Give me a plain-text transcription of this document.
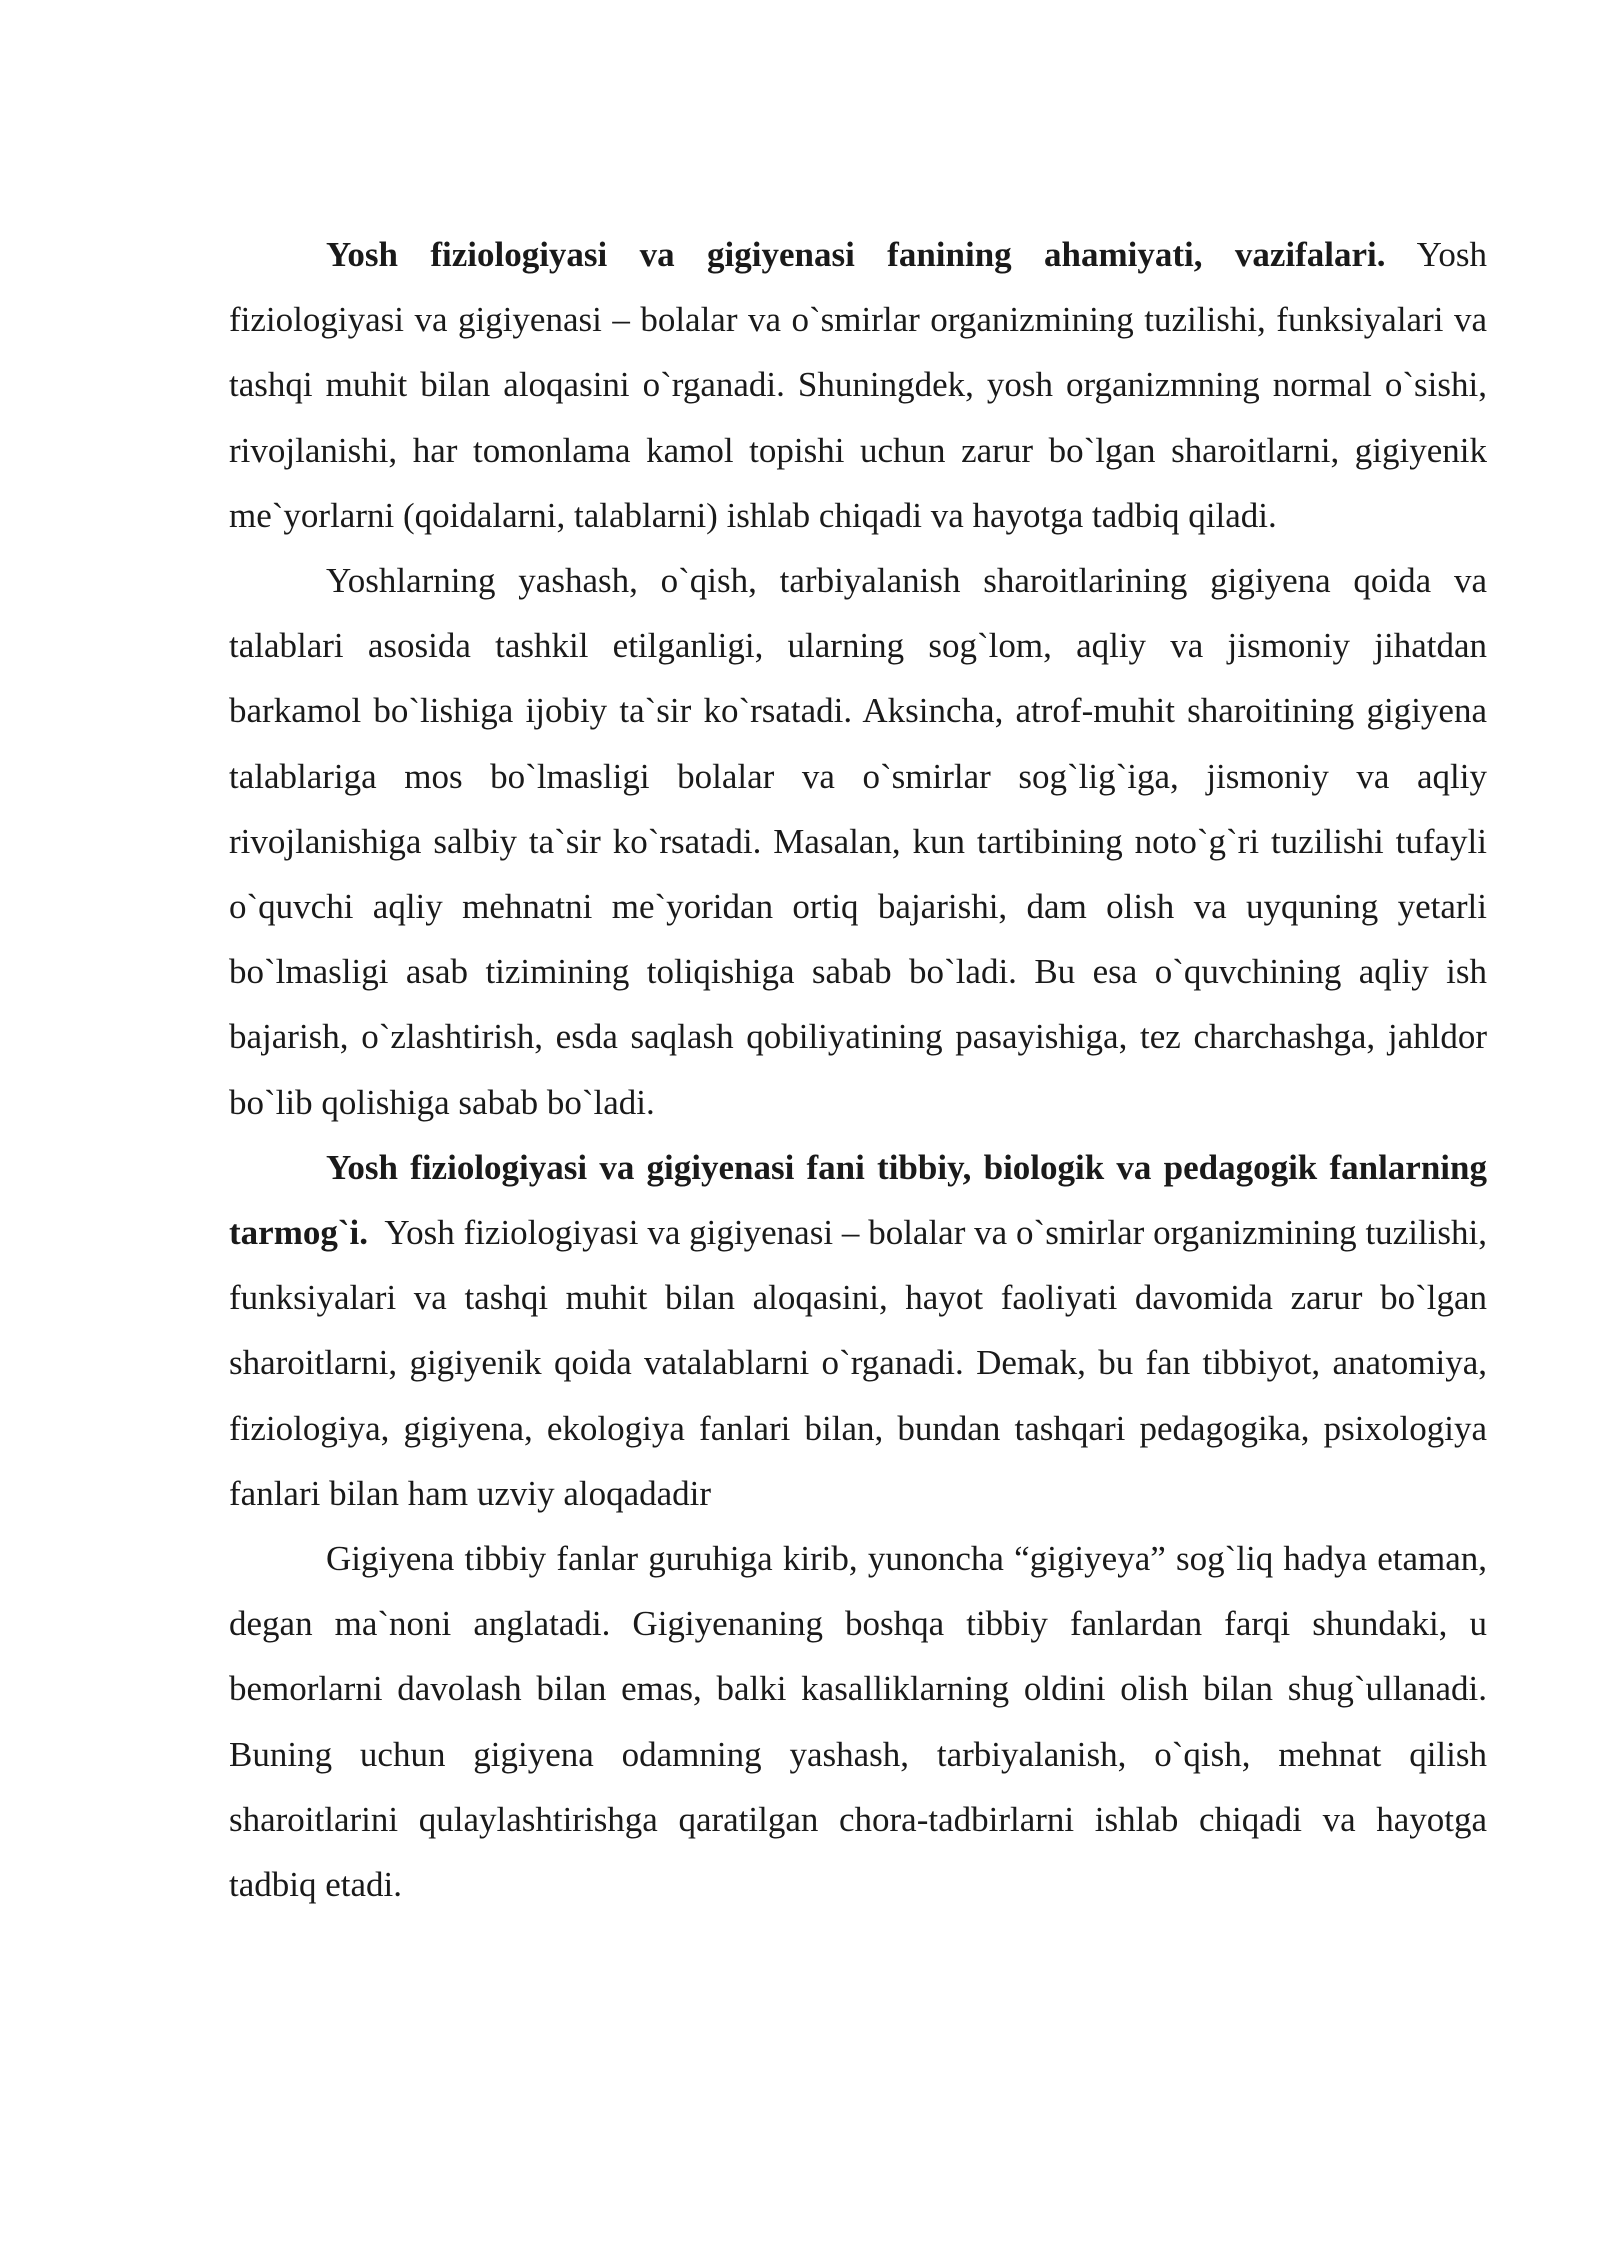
Yosh fiziologiyasi va gigiyenasi fanining ahamiyati, vazifalari. Yosh fiziologiyasi va gigiyenasi – bolalar va o`smirlar organizmining tuzilishi, funksiyalari va tashqi muhit bilan aloqasini o`rganadi. Shuningdek, yosh organizmning normal o`sishi, rivojlanishi, har tomonlama kamol topishi uchun zarur bo`lgan sharoitlarni, gigiyenik me`yorlarni (qoidalarni, talablarni) ishlab chiqadi va hayotga tadbiq qiladi.

Yoshlarning yashash, o`qish, tarbiyalanish sharoitlarining gigiyena qoida va talablari asosida tashkil etilganligi, ularning sog`lom, aqliy va jismoniy jihatdan barkamol bo`lishiga ijobiy ta`sir ko`rsatadi. Aksincha, atrof-muhit sharoitining gigiyena talablariga mos bo`lmasligi bolalar va o`smirlar sog`lig`iga, jismoniy va aqliy rivojlanishiga salbiy ta`sir ko`rsatadi. Masalan, kun tartibining noto`g`ri tuzilishi tufayli o`quvchi aqliy mehnatni me`yoridan ortiq bajarishi, dam olish va uyquning yetarli bo`lmasligi asab tizimining toliqishiga sabab bo`ladi. Bu esa o`quvchining aqliy ish bajarish, o`zlashtirish, esda saqlash qobiliyatining pasayishiga, tez charchashga, jahldor bo`lib qolishiga sabab bo`ladi.

Yosh fiziologiyasi va gigiyenasi fani tibbiy, biologik va pedagogik fanlarning tarmog`i.  Yosh fiziologiyasi va gigiyenasi – bolalar va o`smirlar organizmining tuzilishi, funksiyalari va tashqi muhit bilan aloqasini, hayot faoliyati davomida zarur bo`lgan sharoitlarni, gigiyenik qoida vatalablarni o`rganadi. Demak, bu fan tibbiyot, anatomiya, fiziologiya, gigiyena, ekologiya fanlari bilan, bundan tashqari pedagogika, psixologiya fanlari bilan ham uzviy aloqadadir

Gigiyena tibbiy fanlar guruhiga kirib, yunoncha “gigiyeya” sog`liq hadya etaman, degan ma`noni anglatadi. Gigiyenaning boshqa tibbiy fanlardan farqi shundaki, u bemorlarni davolash bilan emas, balki kasalliklarning oldini olish bilan shug`ullanadi. Buning uchun gigiyena odamning yashash, tarbiyalanish, o`qish, mehnat qilish sharoitlarini qulaylashtirishga qaratilgan chora-tadbirlarni ishlab chiqadi va hayotga tadbiq etadi.
